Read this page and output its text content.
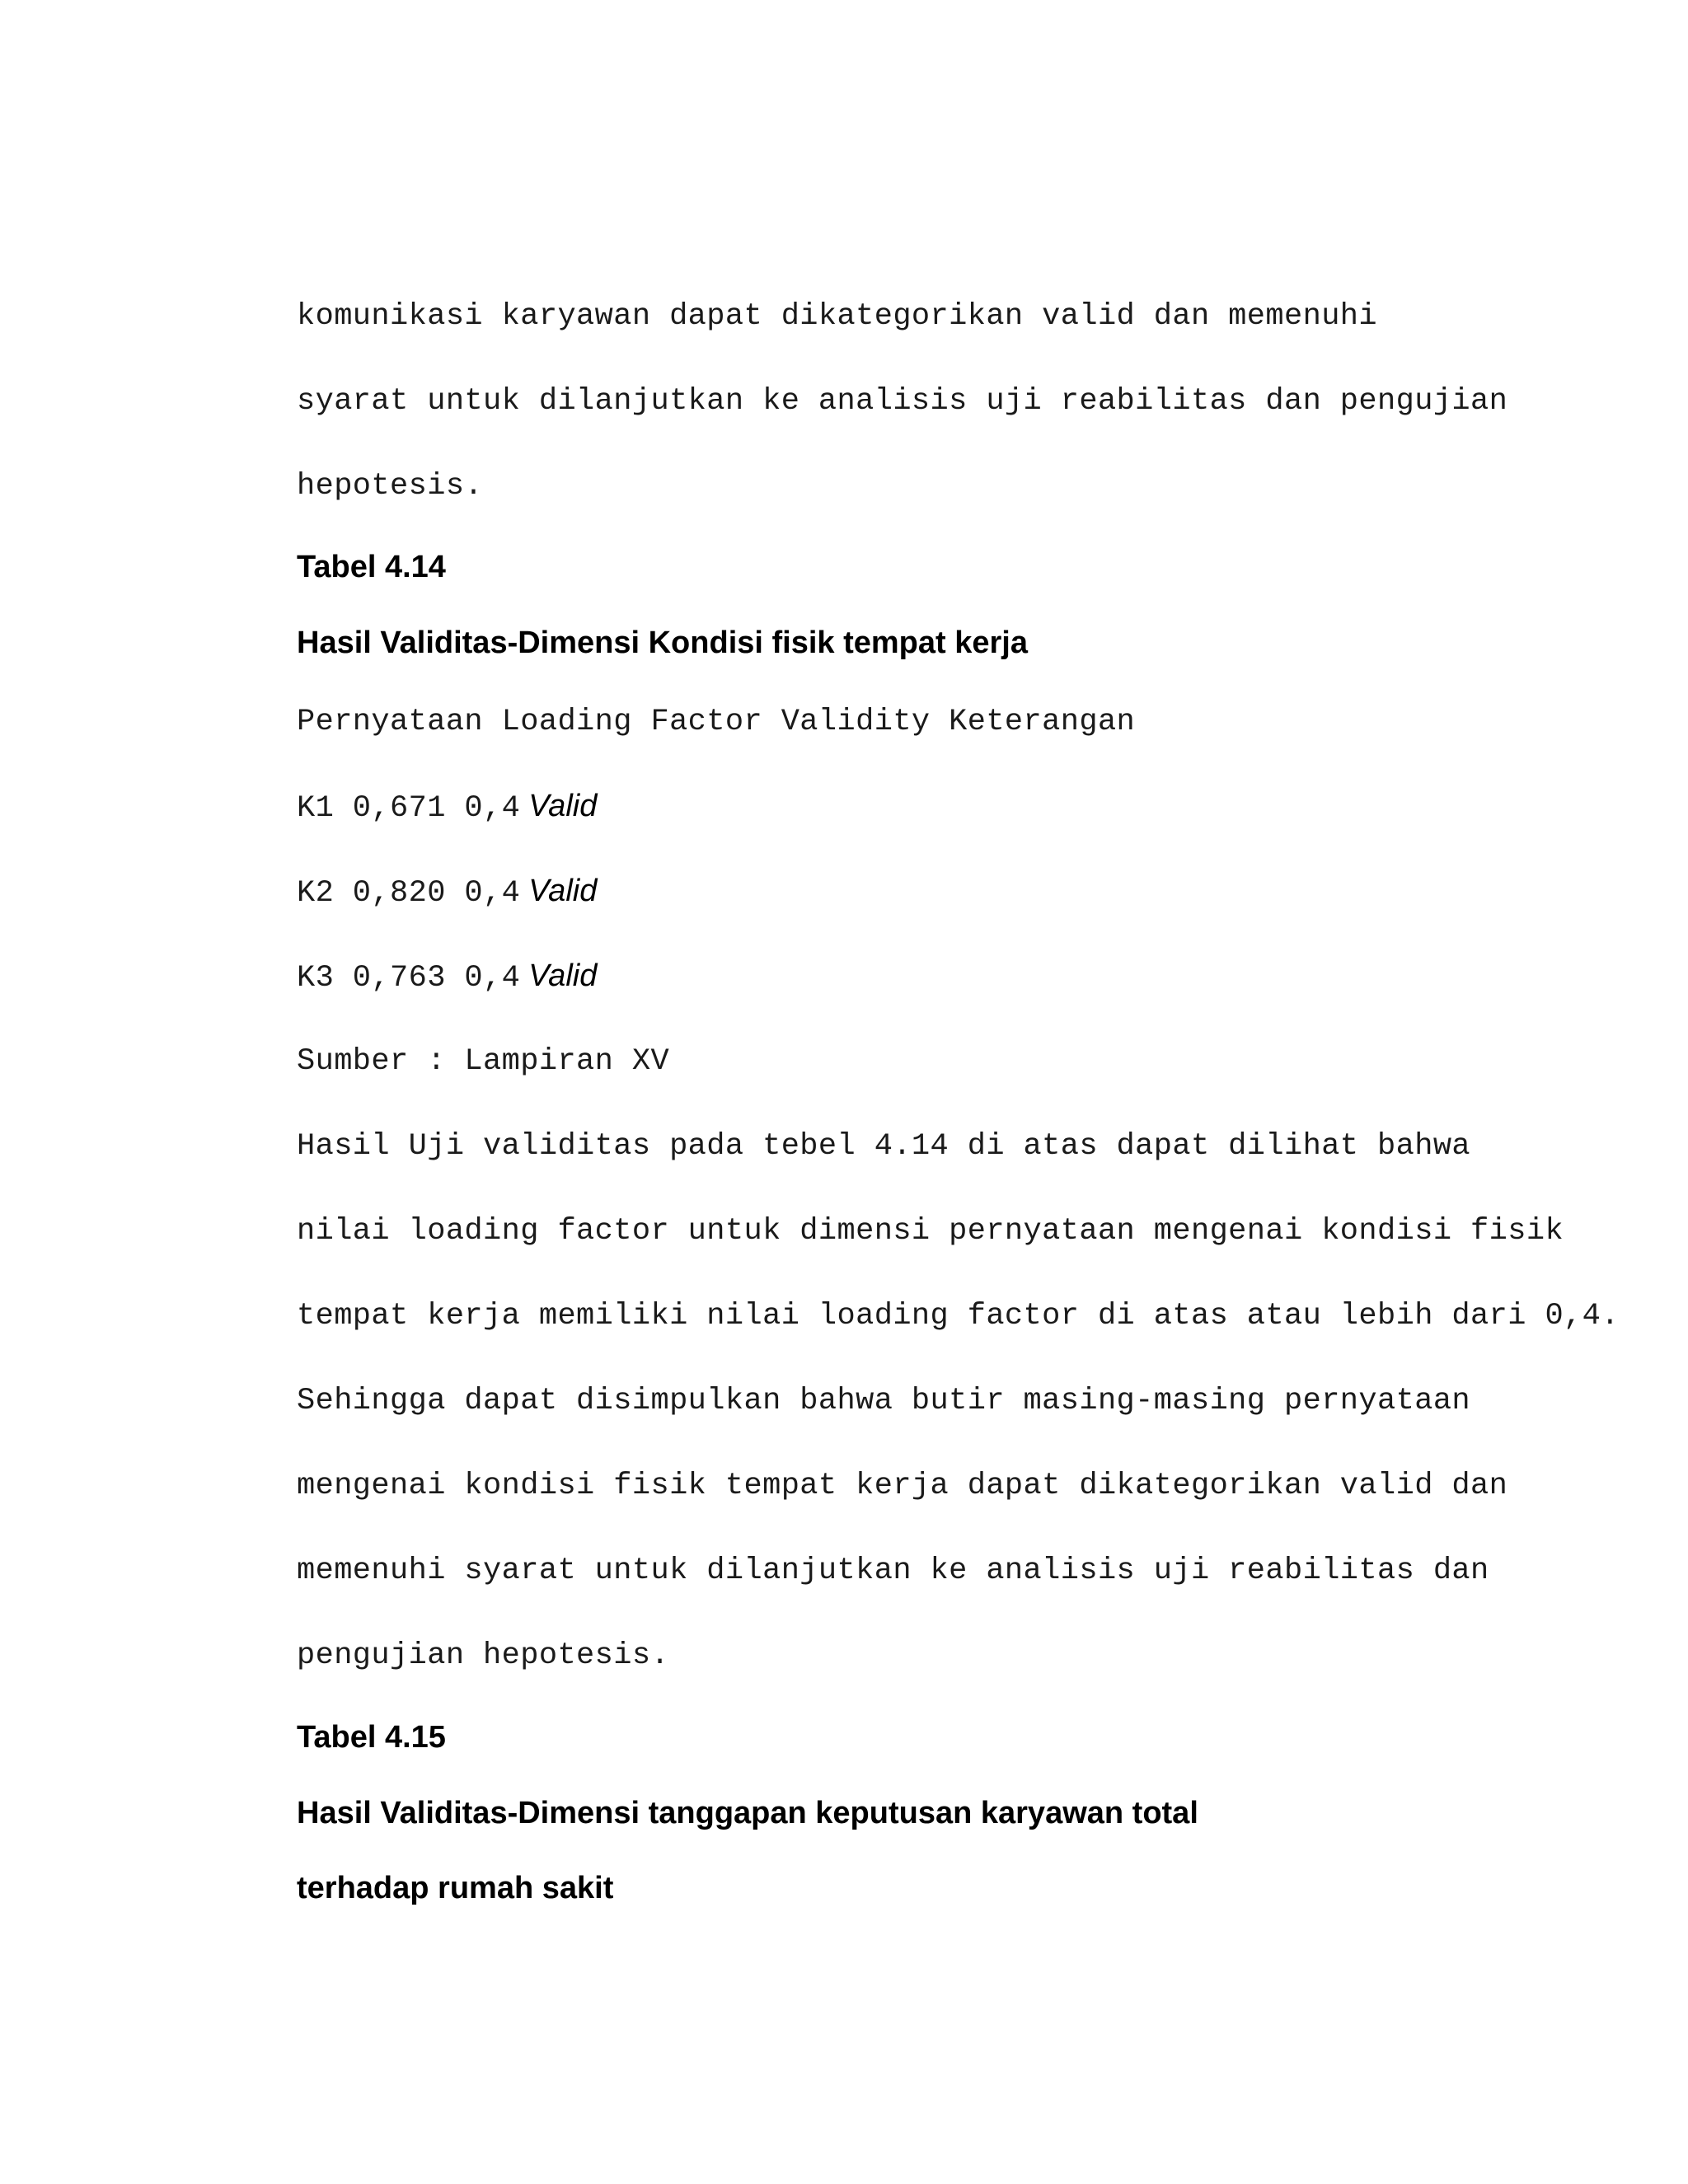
komunikasi karyawan dapat dikategorikan valid dan memenuhi
syarat untuk dilanjutkan ke analisis uji reabilitas dan pengujian
hepotesis.
Tabel 4.14
Hasil Validitas-Dimensi Kondisi fisik tempat kerja
Pernyataan Loading Factor Validity Keterangan
K1 0,671 0,4 Valid
K2 0,820 0,4 Valid
K3 0,763 0,4 Valid
Sumber : Lampiran XV
Hasil Uji validitas pada tebel 4.14 di atas dapat dilihat bahwa
nilai loading factor untuk dimensi pernyataan mengenai kondisi fisik
tempat kerja memiliki nilai loading factor di atas atau lebih dari 0,4.
Sehingga dapat disimpulkan bahwa butir masing-masing pernyataan
mengenai kondisi fisik tempat kerja dapat dikategorikan valid dan
memenuhi syarat untuk dilanjutkan ke analisis uji reabilitas dan
pengujian hepotesis.
Tabel 4.15
Hasil Validitas-Dimensi tanggapan keputusan karyawan total
terhadap rumah sakit
